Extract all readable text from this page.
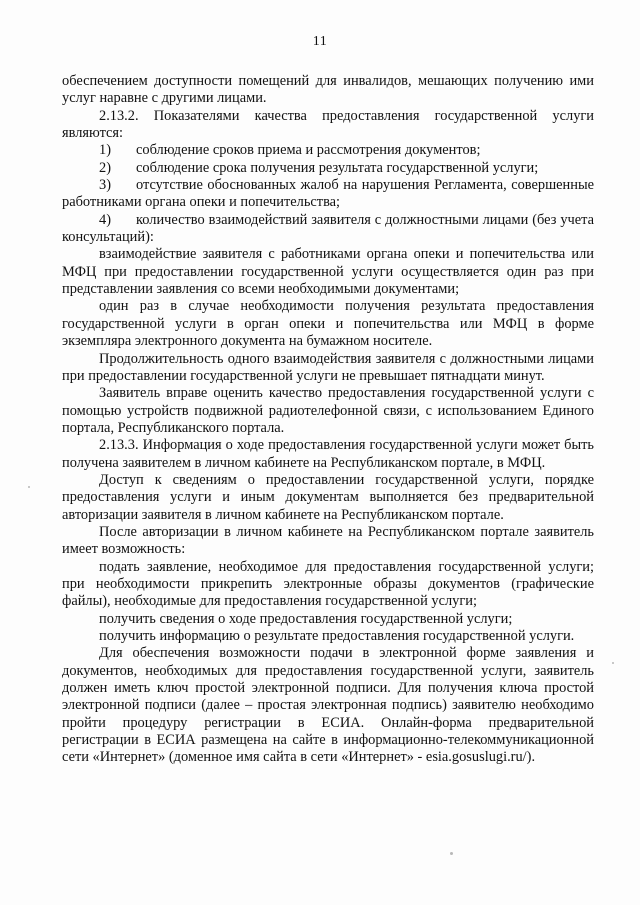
11

обеспечением доступности помещений для инвалидов, мешающих получению ими услуг наравне с другими лицами.

2.13.2. Показателями качества предоставления государственной услуги являются:

1)	соблюдение сроков приема и рассмотрения документов;
2)	соблюдение срока получения результата государственной услуги;

3) отсутствие обоснованных жалоб на нарушения Регламента, совершенные работниками органа опеки и попечительства;

4) количество взаимодействий заявителя с должностными лицами (без учета консультаций):

взаимодействие заявителя с работниками органа опеки и попечительства или МФЦ при предоставлении государственной услуги осуществляется один раз при представлении заявления со всеми необходимыми документами;

один раз в случае необходимости получения результата предоставления государственной услуги в орган опеки и попечительства или МФЦ в форме экземпляра электронного документа на бумажном носителе.

Продолжительность одного взаимодействия заявителя с должностными лицами при предоставлении государственной услуги не превышает пятнадцати минут.

Заявитель вправе оценить качество предоставления государственной услуги с помощью устройств подвижной радиотелефонной связи, с использованием Единого портала, Республиканского портала.

2.13.3. Информация о ходе предоставления государственной услуги может быть получена заявителем в личном кабинете на Республиканском портале, в МФЦ.

Доступ к сведениям о предоставлении государственной услуги, порядке предоставления услуги и иным документам выполняется без предварительной авторизации заявителя в личном кабинете на Республиканском портале.

После авторизации в личном кабинете на Республиканском портале заявитель имеет возможность:

подать заявление, необходимое для предоставления государственной услуги; при необходимости прикрепить электронные образы документов (графические файлы), необходимые для предоставления государственной услуги;

получить сведения о ходе предоставления государственной услуги;

получить информацию о результате предоставления государственной услуги.

Для обеспечения возможности подачи в электронной форме заявления и документов, необходимых для предоставления государственной услуги, заявитель должен иметь ключ простой электронной подписи. Для получения ключа простой электронной подписи (далее – простая электронная подпись) заявителю необходимо пройти процедуру регистрации в ЕСИА. Онлайн-форма предварительной регистрации в ЕСИА размещена на сайте в информационно-телекоммуникационной сети «Интернет» (доменное имя сайта в сети «Интернет» - esia.gosuslugi.ru/).
